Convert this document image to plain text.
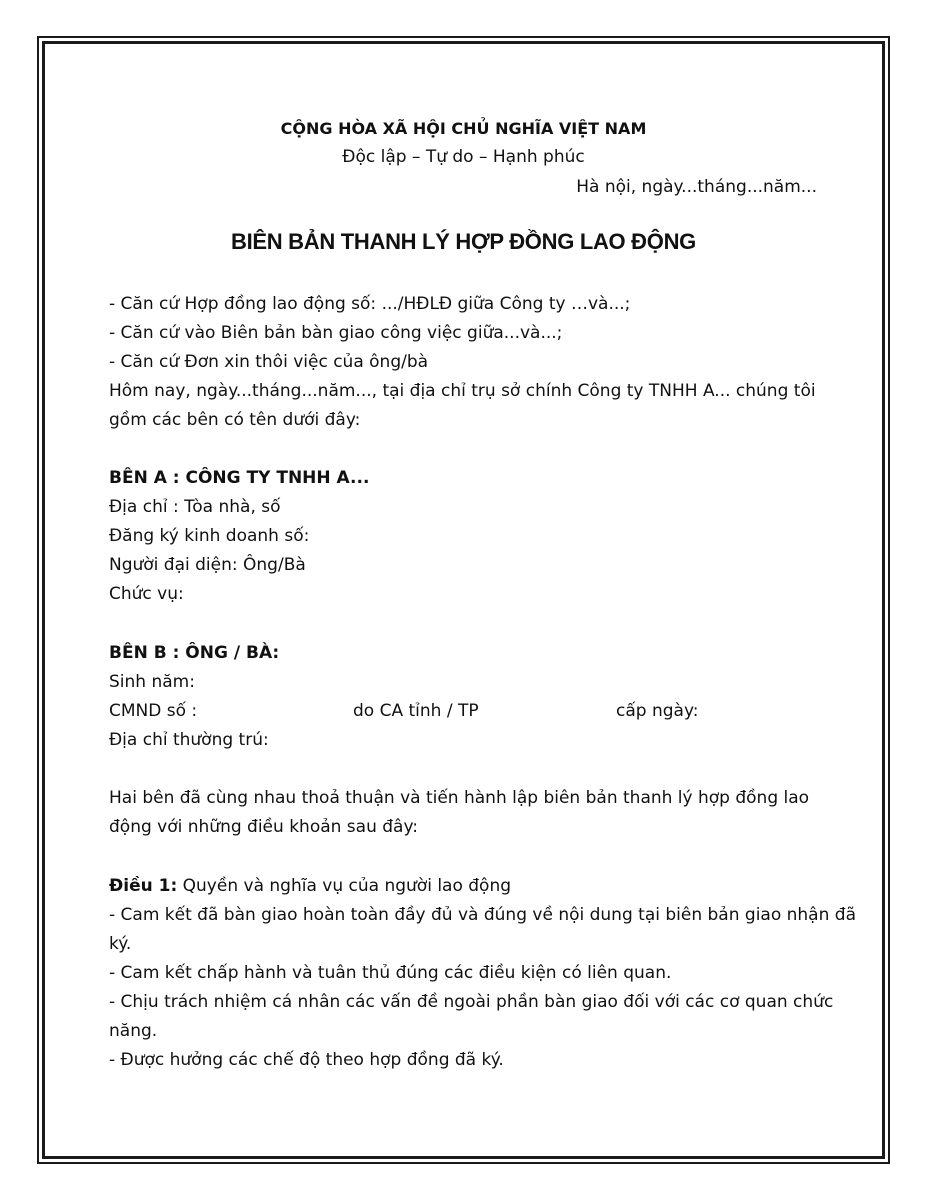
CỘNG HÒA XÃ HỘI CHỦ NGHĨA VIỆT NAM
Độc lập – Tự do – Hạnh phúc
Hà nội, ngày...tháng...năm...
BIÊN BẢN THANH LÝ HỢP ĐỒNG LAO ĐỘNG
- Căn cứ Hợp đồng lao động số: .../HĐLĐ giữa Công ty …và...;
- Căn cứ vào Biên bản bàn giao công việc giữa...và...;
- Căn cứ Đơn xin thôi việc của ông/bà
Hôm nay, ngày...tháng...năm..., tại địa chỉ trụ sở chính Công ty TNHH A... chúng tôi
gồm các bên có tên dưới đây:
BÊN A : CÔNG TY TNHH A...
Địa chỉ : Tòa nhà, số
Đăng ký kinh doanh số:
Người đại diện: Ông/Bà
Chức vụ:
BÊN B : ÔNG / BÀ:
Sinh năm:
CMND số :	do CA tỉnh / TP	cấp ngày:
Địa chỉ thường trú:
Hai bên đã cùng nhau thoả thuận và tiến hành lập biên bản thanh lý hợp đồng lao
động với những điều khoản sau đây:
Điều 1: Quyền và nghĩa vụ của người lao động
- Cam kết đã bàn giao hoàn toàn đầy đủ và đúng về nội dung tại biên bản giao nhận đã
ký.
- Cam kết chấp hành và tuân thủ đúng các điều kiện có liên quan.
- Chịu trách nhiệm cá nhân các vấn đề ngoài phần bàn giao đối với các cơ quan chức
năng.
- Được hưởng các chế độ theo hợp đồng đã ký.
